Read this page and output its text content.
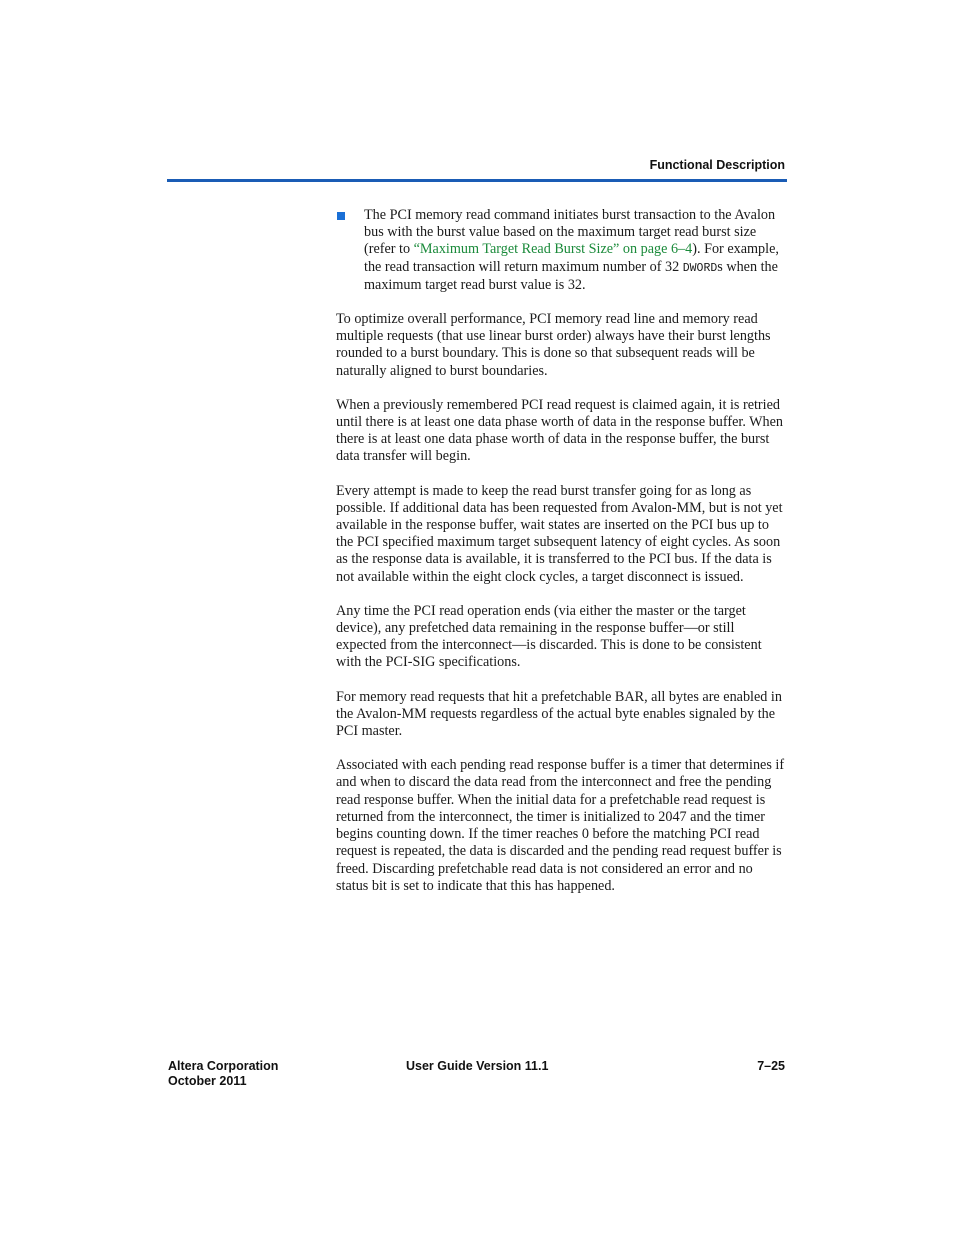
Functional Description
The PCI memory read command initiates burst transaction to the Avalon bus with the burst value based on the maximum target read burst size (refer to “Maximum Target Read Burst Size” on page 6–4). For example, the read transaction will return maximum number of 32 DWORDs when the maximum target read burst value is 32.

To optimize overall performance, PCI memory read line and memory read multiple requests (that use linear burst order) always have their burst lengths rounded to a burst boundary. This is done so that subsequent reads will be naturally aligned to burst boundaries.

When a previously remembered PCI read request is claimed again, it is retried until there is at least one data phase worth of data in the response buffer. When there is at least one data phase worth of data in the response buffer, the burst data transfer will begin.

Every attempt is made to keep the read burst transfer going for as long as possible. If additional data has been requested from Avalon-MM, but is not yet available in the response buffer, wait states are inserted on the PCI bus up to the PCI specified maximum target subsequent latency of eight cycles. As soon as the response data is available, it is transferred to the PCI bus. If the data is not available within the eight clock cycles, a target disconnect is issued.

Any time the PCI read operation ends (via either the master or the target device), any prefetched data remaining in the response buffer—or still expected from the interconnect—is discarded. This is done to be consistent with the PCI-SIG specifications.

For memory read requests that hit a prefetchable BAR, all bytes are enabled in the Avalon-MM requests regardless of the actual byte enables signaled by the PCI master.

Associated with each pending read response buffer is a timer that determines if and when to discard the data read from the interconnect and free the pending read response buffer. When the initial data for a prefetchable read request is returned from the interconnect, the timer is initialized to 2047 and the timer begins counting down. If the timer reaches 0 before the matching PCI read request is repeated, the data is discarded and the pending read request buffer is freed. Discarding prefetchable read data is not considered an error and no status bit is set to indicate that this has happened.

Altera Corporation
October 2011
User Guide Version 11.1	7–25
